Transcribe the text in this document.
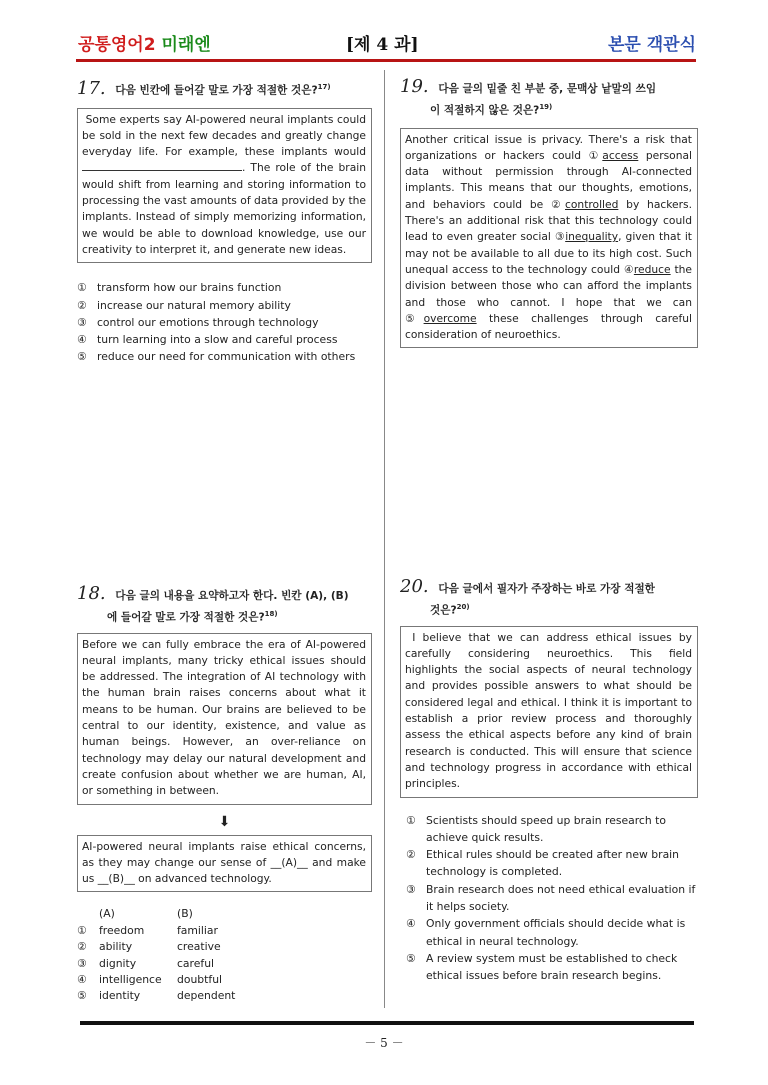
공통영어2 미래엔	[제 4 과]	본문 객관식
17. 다음 빈칸에 들어갈 말로 가장 적절한 것은?$^{17)}$

Some experts say AI-powered neural implants could be sold in the next few decades and greatly change everyday life. For example, these implants would . The role of the brain would shift from learning and storing information to processing the vast amounts of data provided by the implants. Instead of simply memorizing information, we would be able to download knowledge, use our creativity to interpret it, and generate new ideas.

① transform how our brains function
② increase our natural memory ability
③ control our emotions through technology
④ turn learning into a slow and careful process
⑤ reduce our need for communication with others
18. 다음 글의 내용을 요약하고자 한다. 빈칸 (A), (B)
에 들어갈 말로 가장 적절한 것은?$^{18)}$

Before we can fully embrace the era of AI-powered neural implants, many tricky ethical issues should be addressed. The integration of AI technology with the human brain raises concerns about what it means to be human. Our brains are believed to be central to our identity, existence, and value as human beings. However, an over-reliance on technology may delay our natural development and create confusion about whether we are human, AI, or something in between.

⬇

AI-powered neural implants raise ethical concerns, as they may change our sense of __(A)__ and make us __(B)__ on advanced technology.

	(A)	(B)
①	freedom	familiar
②	ability	creative
③	dignity	careful
④	intelligence	doubtful
⑤	identity	dependent
19. 다음 글의 밑줄 친 부분 중, 문맥상 낱말의 쓰임
이 적절하지 않은 것은?$^{19)}$

Another critical issue is privacy. There's a risk that organizations or hackers could ①access personal data without permission through AI-connected implants. This means that our thoughts, emotions, and behaviors could be ②controlled by hackers. There's an additional risk that this technology could lead to even greater social ③inequality, given that it may not be available to all due to its high cost. Such unequal access to the technology could ④reduce the division between those who can afford the implants and those who cannot. I hope that we can ⑤overcome these challenges through careful consideration of neuroethics.

20. 다음 글에서 필자가 주장하는 바로 가장 적절한
것은?$^{20)}$

I believe that we can address ethical issues by carefully considering neuroethics. This field highlights the social aspects of neural technology and provides possible answers to what should be considered legal and ethical. I think it is important to establish a prior review process and thoroughly assess the ethical aspects before any kind of brain research is conducted. This will ensure that science and technology progress in accordance with ethical principles.

① Scientists should speed up brain research to achieve quick results.
② Ethical rules should be created after new brain technology is completed.
③ Brain research does not need ethical evaluation if it helps society.
④ Only government officials should decide what is ethical in neural technology.
⑤ A review system must be established to check ethical issues before brain research begins.
－ 5 －
